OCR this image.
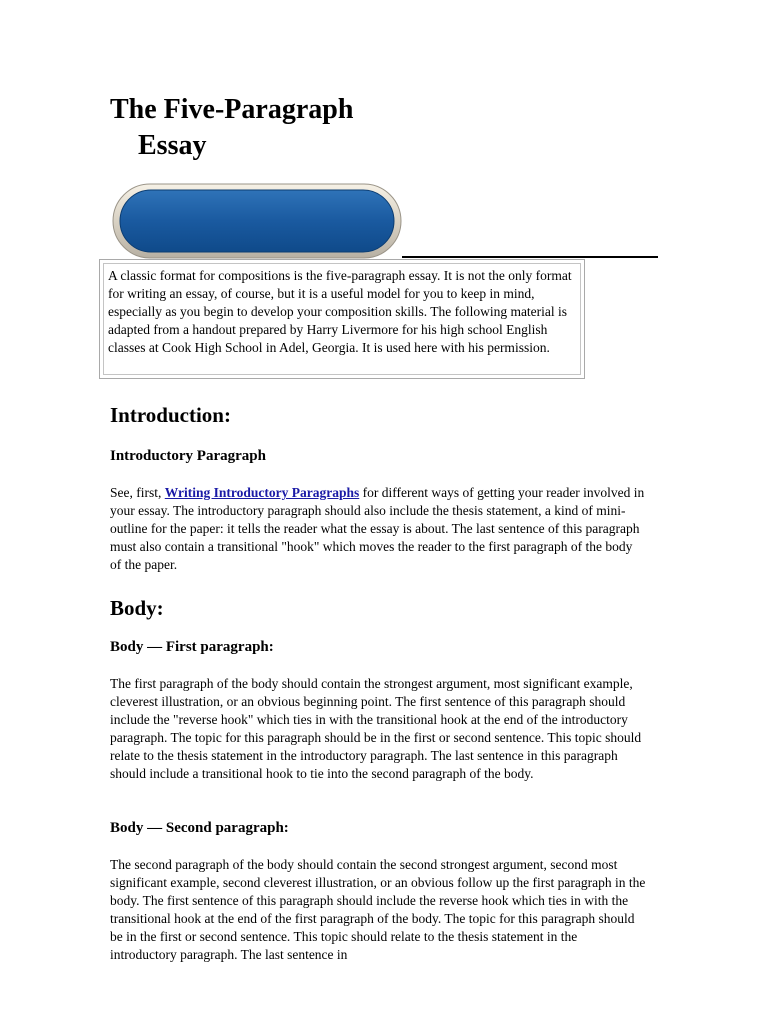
The Five-Paragraph
Essay

A classic format for compositions is the five-paragraph essay. It is not the only format for writing an essay, of course, but it is a useful model for you to keep in mind, especially as you begin to develop your composition skills. The following material is adapted from a handout prepared by Harry Livermore for his high school English classes at Cook High School in Adel, Georgia. It is used here with his permission.

Introduction:
Introductory Paragraph

See, first, Writing Introductory Paragraphs for different ways of getting your reader involved in your essay. The introductory paragraph should also include the thesis statement, a kind of mini-outline for the paper: it tells the reader what the essay is about. The last sentence of this paragraph must also contain a transitional "hook" which moves the reader to the first paragraph of the body of the paper.

Body:
Body — First paragraph:

The first paragraph of the body should contain the strongest argument, most significant example, cleverest illustration, or an obvious beginning point. The first sentence of this paragraph should include the "reverse hook" which ties in with the transitional hook at the end of the introductory paragraph. The topic for this paragraph should be in the first or second sentence. This topic should relate to the thesis statement in the introductory paragraph. The last sentence in this paragraph should include a transitional hook to tie into the second paragraph of the body.

Body — Second paragraph:

The second paragraph of the body should contain the second strongest argument, second most significant example, second cleverest illustration, or an obvious follow up the first paragraph in the body. The first sentence of this paragraph should include the reverse hook which ties in with the transitional hook at the end of the first paragraph of the body. The topic for this paragraph should be in the first or second sentence. This topic should relate to the thesis statement in the introductory paragraph. The last sentence in
